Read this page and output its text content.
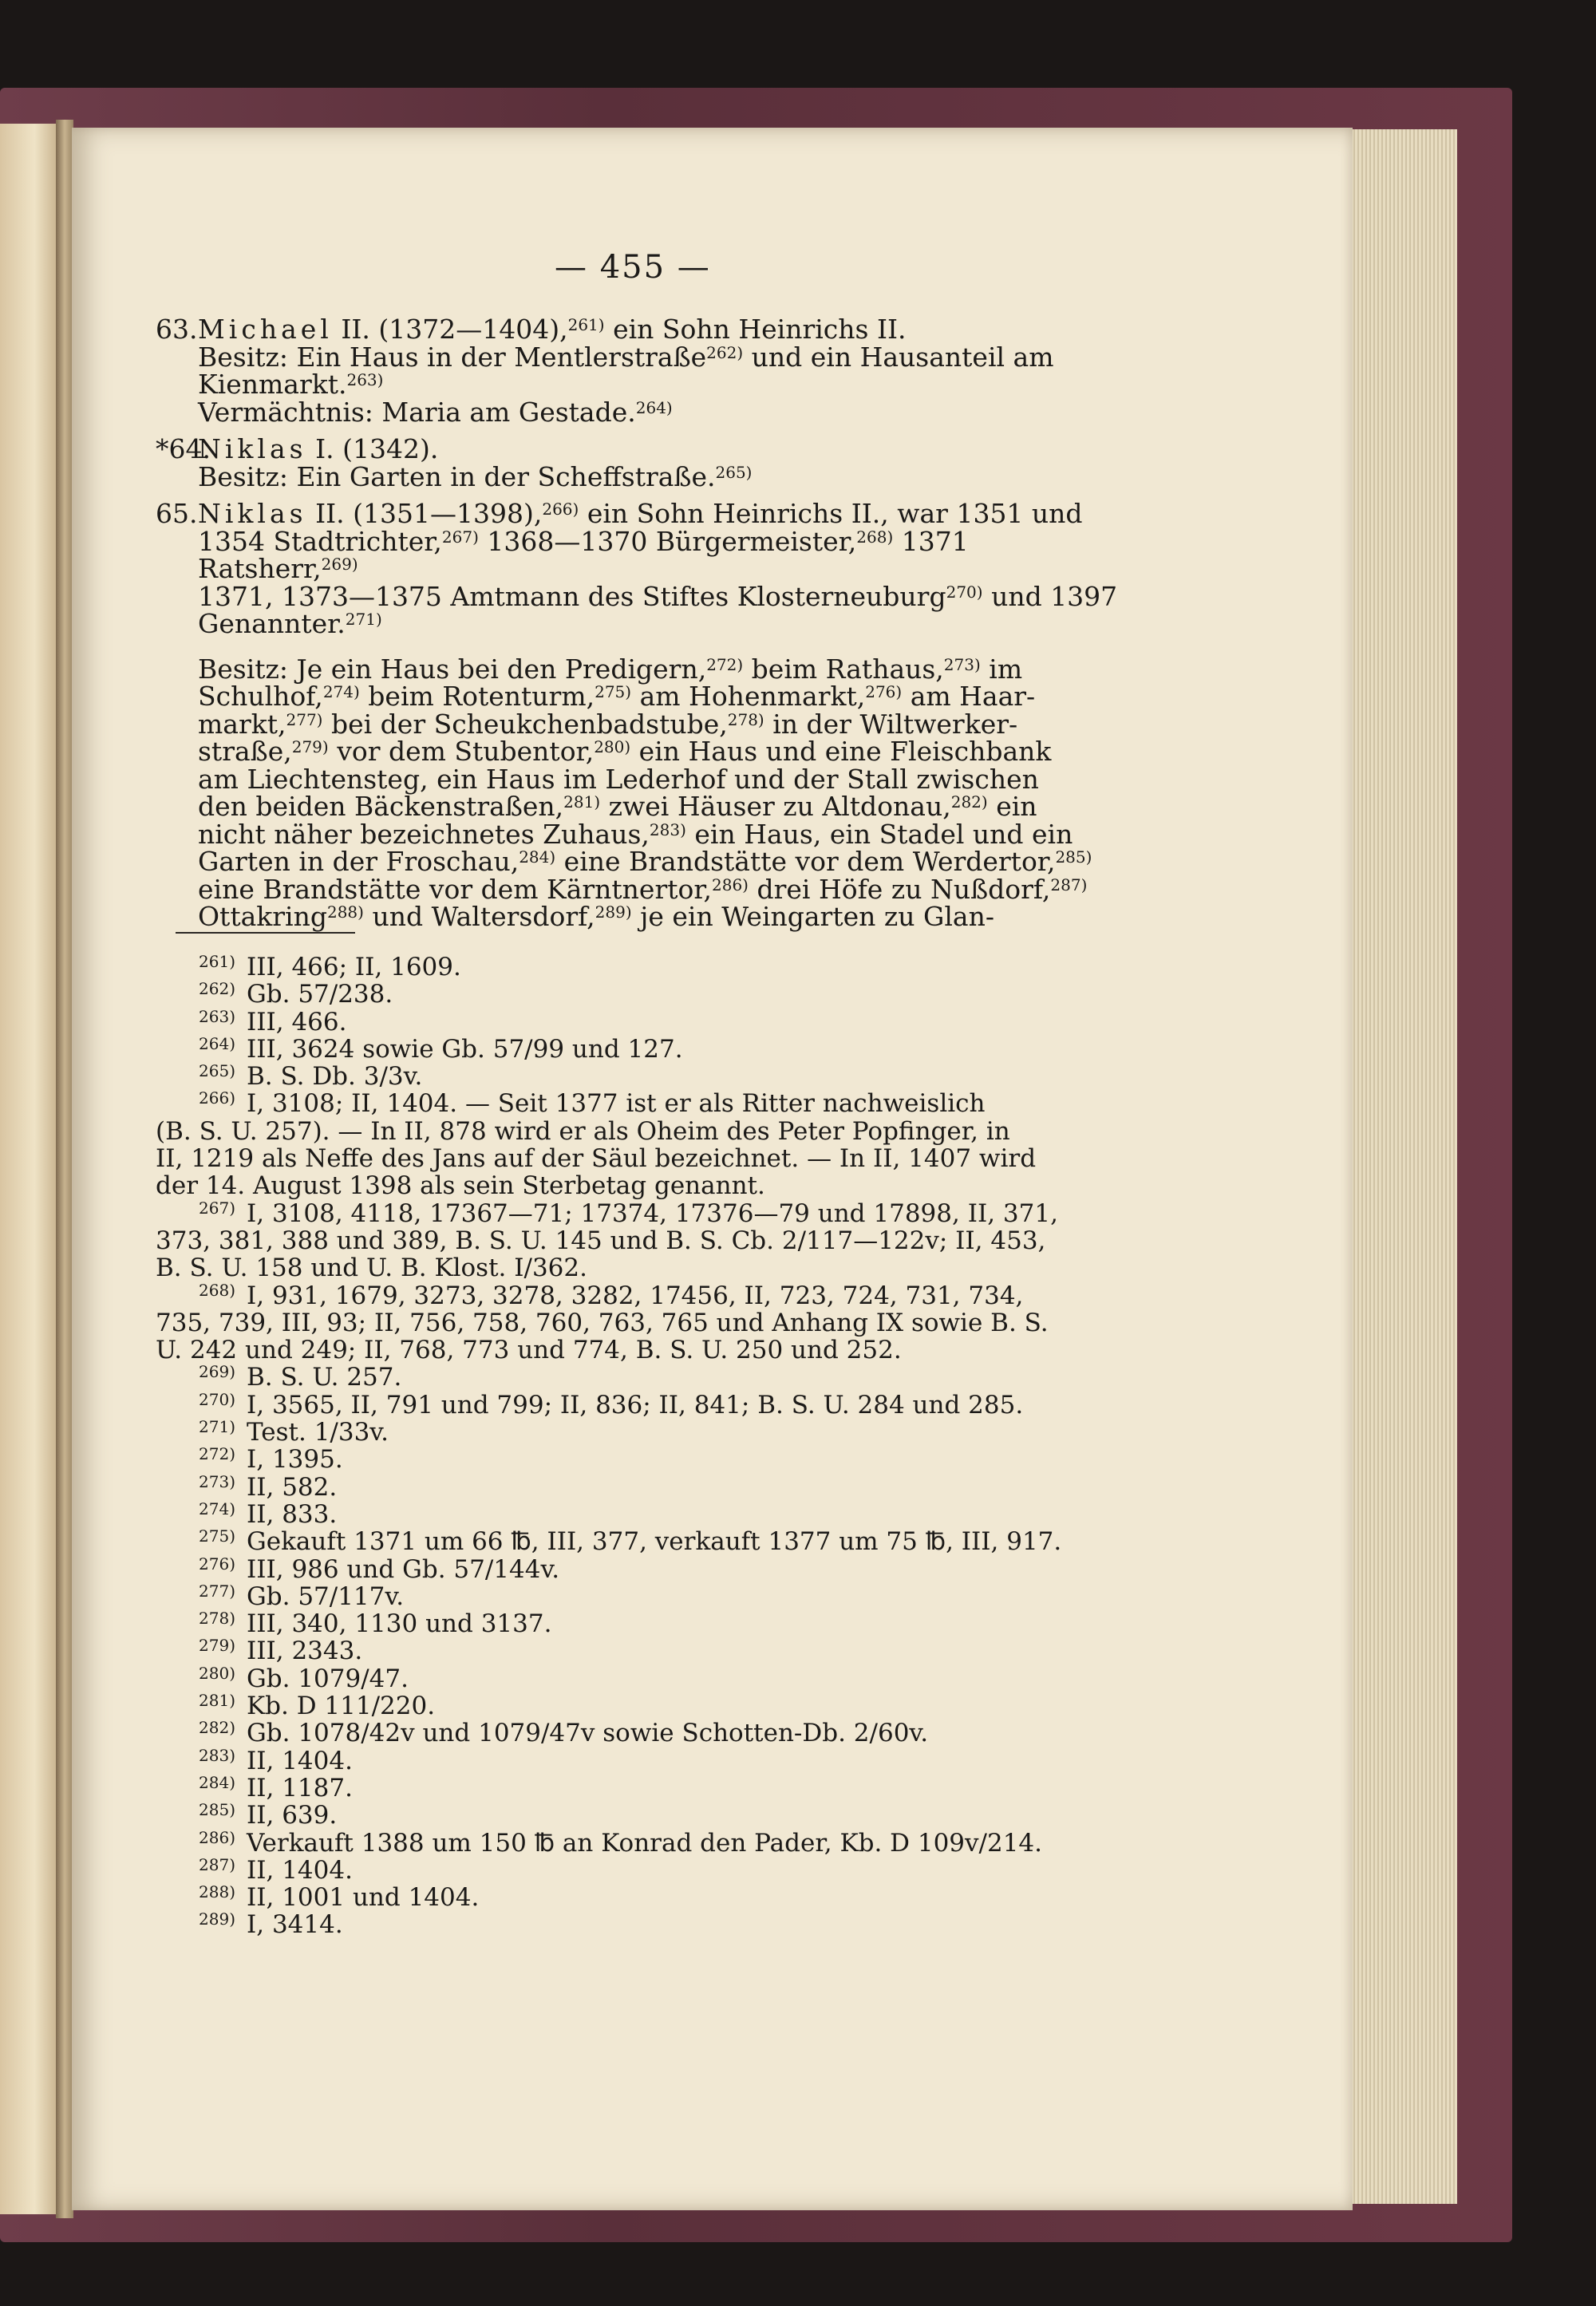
— 455 —
63. Michael II. (1372—1404),$^{261)}$ ein Sohn Heinrichs II.
Besitz: Ein Haus in der Mentlerstraße$^{262)}$ und ein Hausanteil am
Kienmarkt.$^{263)}$
Vermächtnis: Maria am Gestade.$^{264)}$
*64.
Niklas I. (1342).
Besitz: Ein Garten in der Scheffstraße.$^{265)}$
65. Niklas II. (1351—1398),$^{266)}$ ein Sohn Heinrichs II., war 1351 und
1354 Stadtrichter,$^{267)}$ 1368—1370 Bürgermeister,$^{268)}$ 1371 Ratsherr,$^{269)}$
1371, 1373—1375 Amtmann des Stiftes Klosterneuburg$^{270)}$ und 1397
Genannter.$^{271)}$
Besitz: Je ein Haus bei den Predigern,$^{272)}$ beim Rathaus,$^{273)}$ im
Schulhof,$^{274)}$ beim Rotenturm,$^{275)}$ am Hohenmarkt,$^{276)}$ am Haar-
markt,$^{277)}$ bei der Scheukchenbadstube,$^{278)}$ in der Wiltwerker-
straße,$^{279)}$ vor dem Stubentor,$^{280)}$ ein Haus und eine Fleischbank
am Liechtensteg, ein Haus im Lederhof und der Stall zwischen
den beiden Bäckenstraßen,$^{281)}$ zwei Häuser zu Altdonau,$^{282)}$ ein
nicht näher bezeichnetes Zuhaus,$^{283)}$ ein Haus, ein Stadel und ein
Garten in der Froschau,$^{284)}$ eine Brandstätte vor dem Werdertor,$^{285)}$
eine Brandstätte vor dem Kärntnertor,$^{286)}$ drei Höfe zu Nußdorf,$^{287)}$
Ottakring$^{288)}$ und Waltersdorf,$^{289)}$ je ein Weingarten zu Glan-
$^{261)}$ III, 466; II, 1609.
$^{262)}$ Gb. 57/238.
$^{263)}$ III, 466.
$^{264)}$ III, 3624 sowie Gb. 57/99 und 127.
$^{265)}$ B. S. Db. 3/3v.
$^{266)}$ I, 3108; II, 1404. — Seit 1377 ist er als Ritter nachweislich
(B. S. U. 257). — In II, 878 wird er als Oheim des Peter Popfinger, in
II, 1219 als Neffe des Jans auf der Säul bezeichnet. — In II, 1407 wird
der 14. August 1398 als sein Sterbetag genannt.
$^{267)}$ I, 3108, 4118, 17367—71; 17374, 17376—79 und 17898, II, 371,
373, 381, 388 und 389, B. S. U. 145 und B. S. Cb. 2/117—122v; II, 453,
B. S. U. 158 und U. B. Klost. I/362.
$^{268)}$ I, 931, 1679, 3273, 3278, 3282, 17456, II, 723, 724, 731, 734,
735, 739, III, 93; II, 756, 758, 760, 763, 765 und Anhang IX sowie B. S.
U. 242 und 249; II, 768, 773 und 774, B. S. U. 250 und 252.
$^{269)}$ B. S. U. 257.
$^{270)}$ I, 3565, II, 791 und 799; II, 836; II, 841; B. S. U. 284 und 285.
$^{271)}$ Test. 1/33v.
$^{272)}$ I, 1395.
$^{273)}$ II, 582.
$^{274)}$ II, 833.
$^{275)}$ Gekauft 1371 um 66 ℔, III, 377, verkauft 1377 um 75 ℔, III, 917.
$^{276)}$ III, 986 und Gb. 57/144v.
$^{277)}$ Gb. 57/117v.
$^{278)}$ III, 340, 1130 und 3137.
$^{279)}$ III, 2343.
$^{280)}$ Gb. 1079/47.
$^{281)}$ Kb. D 111/220.
$^{282)}$ Gb. 1078/42v und 1079/47v sowie Schotten-Db. 2/60v.
$^{283)}$ II, 1404.
$^{284)}$ II, 1187.
$^{285)}$ II, 639.
$^{286)}$ Verkauft 1388 um 150 ℔ an Konrad den Pader, Kb. D 109v/214.
$^{287)}$ II, 1404.
$^{288)}$ II, 1001 und 1404.
$^{289)}$ I, 3414.
